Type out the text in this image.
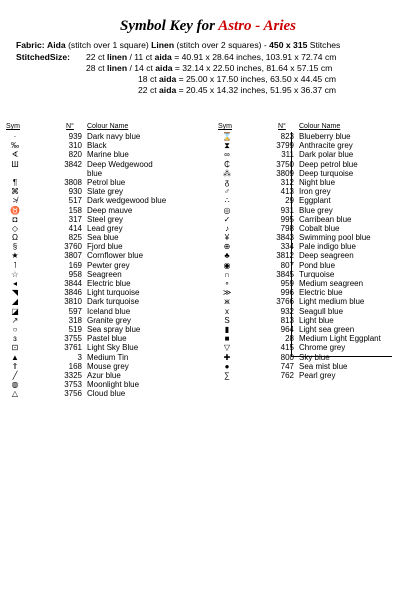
Symbol Key for Astro - Aries
Fabric: Aida (stitch over 1 square) Linen (stitch over 2 squares) - 450 x 315 Stitches
StitchedSize: 22 ct linen / 11 ct aida = 40.91 x 28.64 inches, 103.91 x 72.74 cm
28 ct linen / 14 ct aida = 32.14 x 22.50 inches, 81.64 x 57.15 cm
18 ct aida = 25.00 x 17.50 inches, 63.50 x 44.45 cm
22 ct aida = 20.45 x 14.32 inches, 51.95 x 36.37 cm
Sym	N° Colour Name
·	939 Dark navy blue
‰	310 Black
∢	820 Marine blue
Ш	3842 Deep Wedgewood blue
¶	3808 Petrol blue
⌘	930 Slate grey
≯	517 Dark wedgewood blue
♉	158 Deep mauve
◘	317 Steel grey
◇	414 Lead grey
Ω	825 Sea blue
§	3760 Fjord blue
★	3807 Cornflower blue
˥	169 Pewter grey
☆	958 Seagreen
◂	3844 Electric blue
◥	3846 Light turquoise
◢	3810 Dark turquoise
◪	597 Iceland blue
↗	318 Granite grey
○	519 Sea spray blue
ɜ	3755 Pastel blue
⊡	3761 Light Sky Blue
▲	3 Medium Tin
⇑	168 Mouse grey
╱	3325 Azur blue
◍	3753 Moonlight blue
△	3756 Cloud blue
Sym	N° Colour Name
⌛	823 Blueberry blue
⧗	3799 Anthracite grey
∞	311 Dark polar blue
₵	3750 Deep petrol blue
⁂	3809 Deep turquoise
ᵹ	312 Night blue
♂	413 Iron grey
∴	29 Eggplant
◎	931 Blue grey
✓	995 Carribean blue
♪	798 Cobalt blue
¥	3843 Swimming pool blue
⊕	334 Pale indigo blue
♣	3812 Deep seagreen
◉	807 Pond blue
∩	3845 Turquoise
∘	959 Medium seagreen
≫	996 Electric blue
ж	3766 Light medium blue
x	932 Seagull blue
Ѕ	813 Light blue
▮	964 Light sea green
■	28 Medium Light Eggplant
▽	415 Chrome grey
✚	800 Sky blue
●	747 Sea mist blue
∑	762 Pearl grey
